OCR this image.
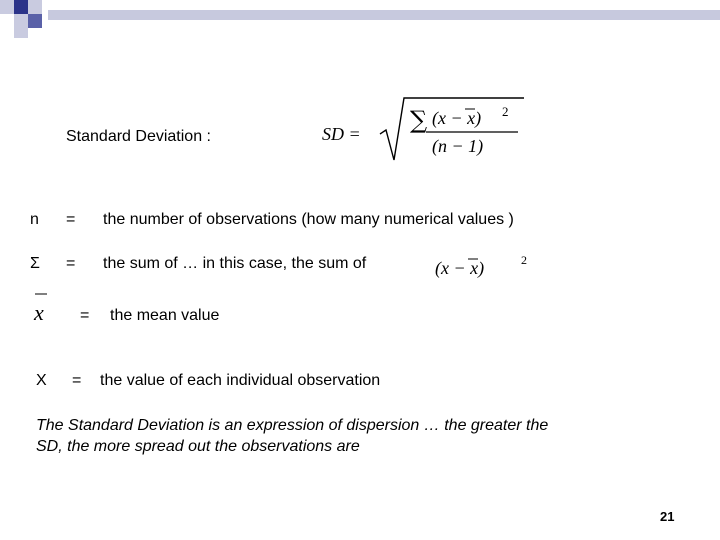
Standard Deviation :	SD = ∑ (x − x) 2
(n − 1)
n = the number of observations (how many numerical values )
Σ = the sum of … in this case, the sum of	(x − x)	2
x = the mean value
X = the value of each individual observation
The Standard Deviation is an expression of dispersion … the greater the
SD, the more spread out the observations are
21
